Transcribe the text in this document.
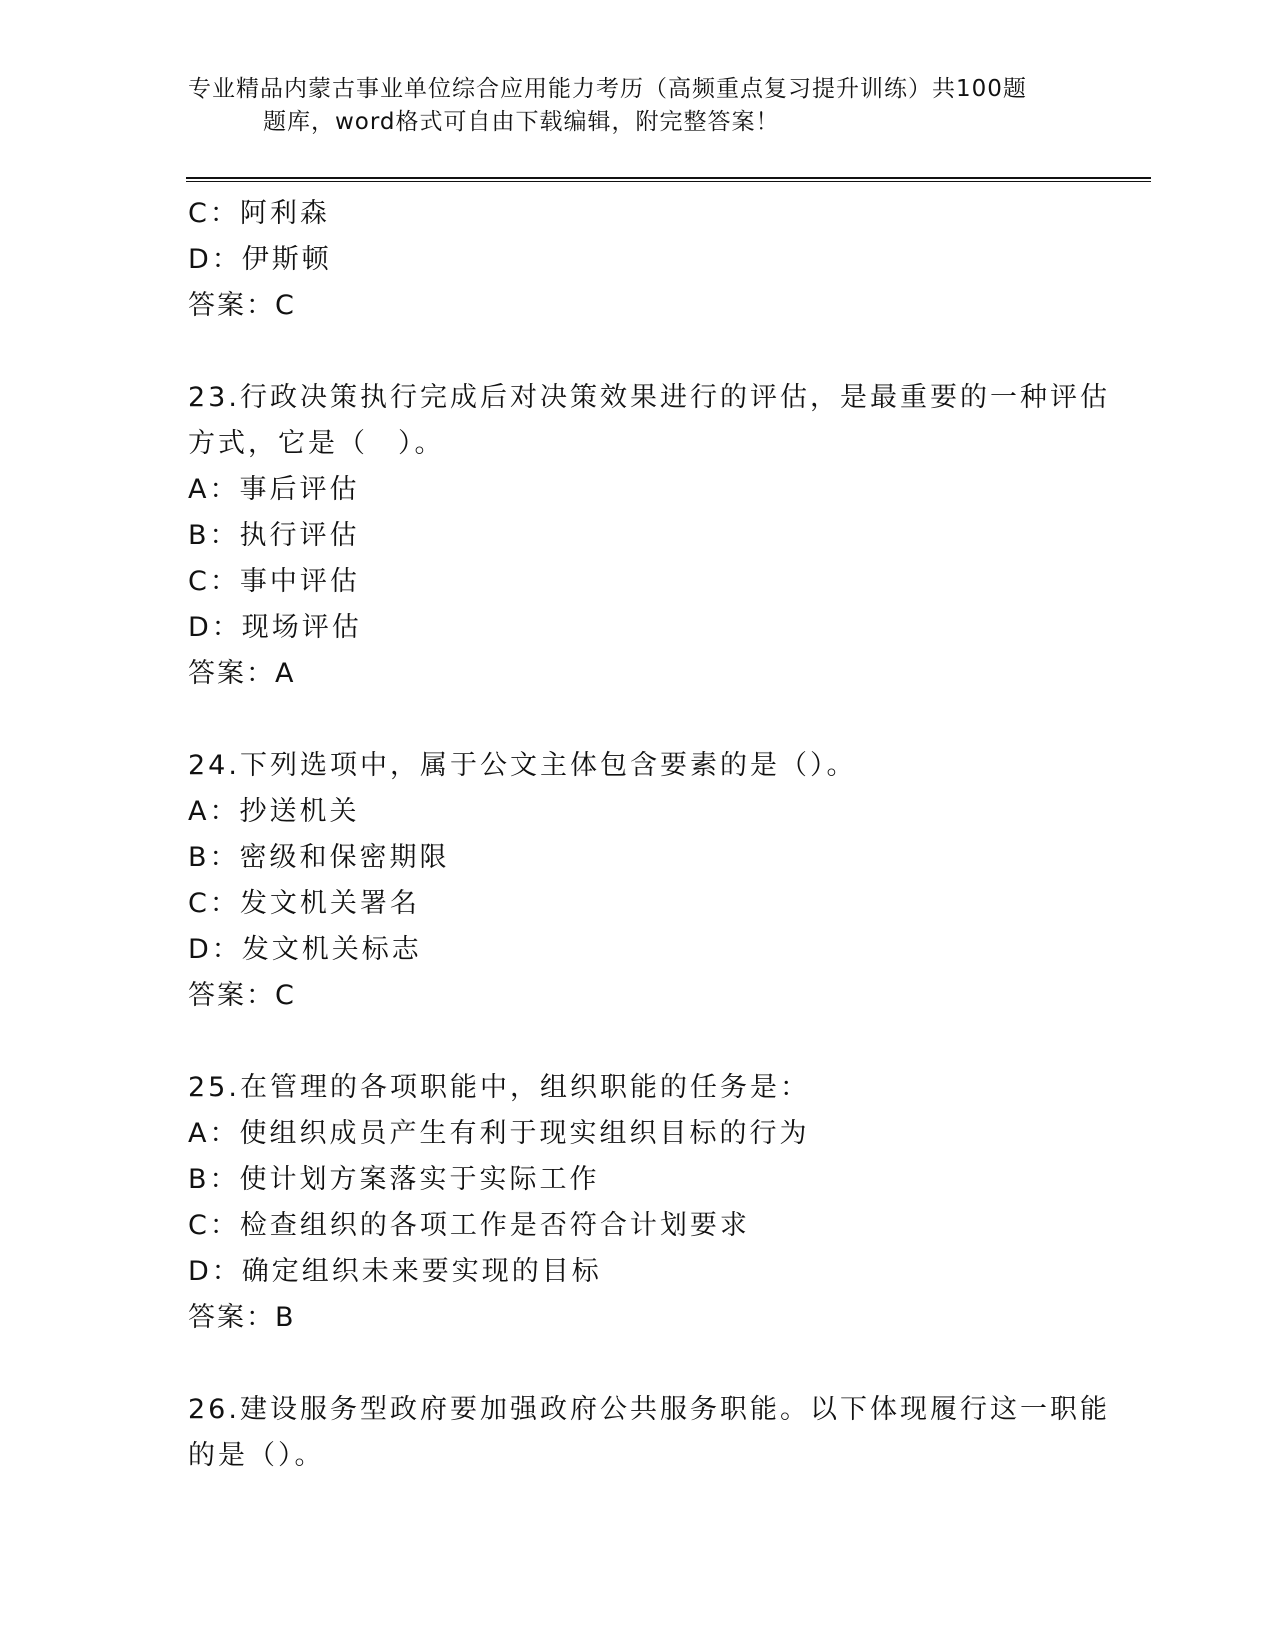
专业精品内蒙古事业单位综合应用能力考历（高频重点复习提升训练）共100题
题库，word格式可自由下载编辑，附完整答案！
C：阿利森
D：伊斯顿
答案：C
23.行政决策执行完成后对决策效果进行的评估，是最重要的一种评估
方式，它是（　）。
A：事后评估
B：执行评估
C：事中评估
D：现场评估
答案：A
24.下列选项中，属于公文主体包含要素的是（）。
A：抄送机关
B：密级和保密期限
C：发文机关署名
D：发文机关标志
答案：C
25.在管理的各项职能中，组织职能的任务是：
A：使组织成员产生有利于现实组织目标的行为
B：使计划方案落实于实际工作
C：检查组织的各项工作是否符合计划要求
D：确定组织未来要实现的目标
答案：B
26.建设服务型政府要加强政府公共服务职能。以下体现履行这一职能
的是（）。
